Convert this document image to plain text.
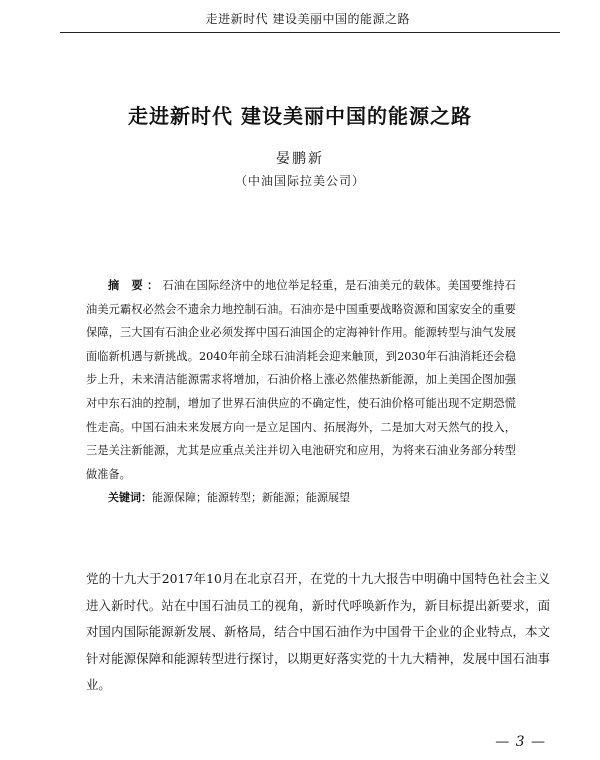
走进新时代 建设美丽中国的能源之路
走进新时代 建设美丽中国的能源之路
晏鹏新
（中油国际拉美公司）
摘 要：石油在国际经济中的地位举足轻重，是石油美元的载体。美国要维持石油美元霸权必然会不遗余力地控制石油。石油亦是中国重要战略资源和国家安全的重要保障，三大国有石油企业必须发挥中国石油国企的定海神针作用。能源转型与油气发展面临新机遇与新挑战。2040年前全球石油消耗会迎来触顶，到2030年石油消耗还会稳步上升，未来清洁能源需求将增加，石油价格上涨必然催热新能源，加上美国企图加强对中东石油的控制，增加了世界石油供应的不确定性，使石油价格可能出现不定期恐慌性走高。中国石油未来发展方向一是立足国内、拓展海外，二是加大对天然气的投入，三是关注新能源，尤其是应重点关注并切入电池研究和应用，为将来石油业务部分转型做准备。
关键词：能源保障；能源转型；新能源；能源展望
党的十九大于2017年10月在北京召开，在党的十九大报告中明确中国特色社会主义进入新时代。站在中国石油员工的视角，新时代呼唤新作为，新目标提出新要求，面对国内国际能源新发展、新格局，结合中国石油作为中国骨干企业的企业特点，本文针对能源保障和能源转型进行探讨，以期更好落实党的十九大精神，发展中国石油事业。
— 3 —
